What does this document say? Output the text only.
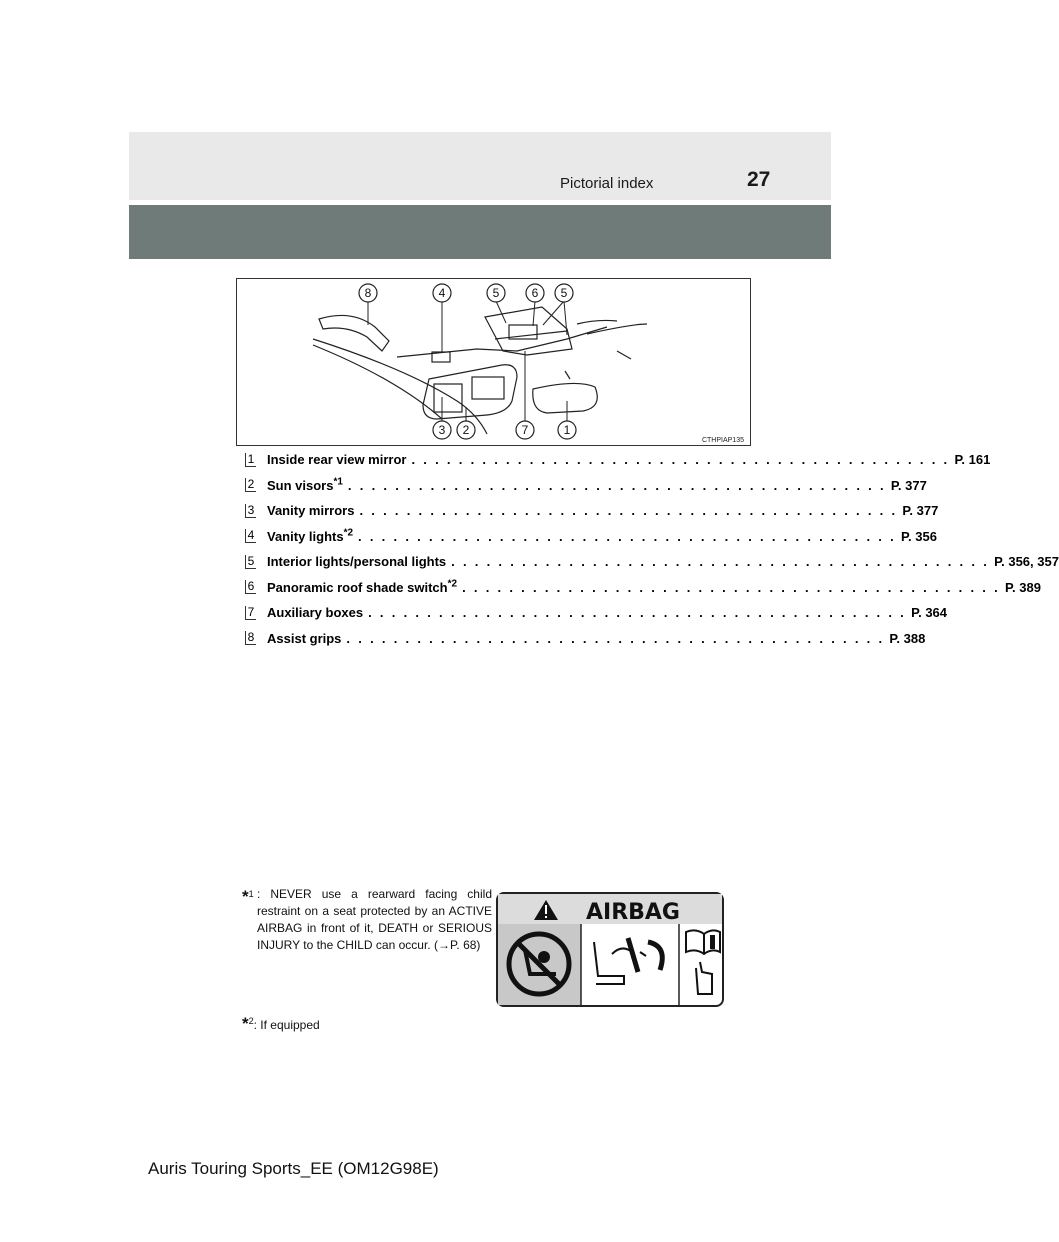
Pictorial index	27
8	4	5	6 5
3 2	7	1
CTHPIAP135
1 Inside rear view mirror . . . . . . . . . . . . . . . . . . . . . . . . . . . . . . . . . . . . . . . . . . . . . . P. 161
2 Sun visors$^{*1}$ . . . . . . . . . . . . . . . . . . . . . . . . . . . . . . . . . . . . . . . . . . . . . . P. 377
3 Vanity mirrors . . . . . . . . . . . . . . . . . . . . . . . . . . . . . . . . . . . . . . . . . . . . . . P. 377
4 Vanity lights$^{*2}$ . . . . . . . . . . . . . . . . . . . . . . . . . . . . . . . . . . . . . . . . . . . . . . P. 356
5 Interior lights/personal lights . . . . . . . . . . . . . . . . . . . . . . . . . . . . . . . . . . . . . . . . . . . . . . P. 356, 357
6 Panoramic roof shade switch$^{*2}$ . . . . . . . . . . . . . . . . . . . . . . . . . . . . . . . . . . . . . . . . . . . . . . P. 389
7 Auxiliary boxes . . . . . . . . . . . . . . . . . . . . . . . . . . . . . . . . . . . . . . . . . . . . . . P. 364
8 Assist grips . . . . . . . . . . . . . . . . . . . . . . . . . . . . . . . . . . . . . . . . . . . . . . P. 388
*$^1$ : NEVER use a rearward facing child restraint on a seat protected by an ACTIVE AIRBAG in front of it, DEATH or SERIOUS INJURY to the CHILD can occur. (→P. 68)
AIRBAG
*$^2$: If equipped
Auris Touring Sports_EE (OM12G98E)
